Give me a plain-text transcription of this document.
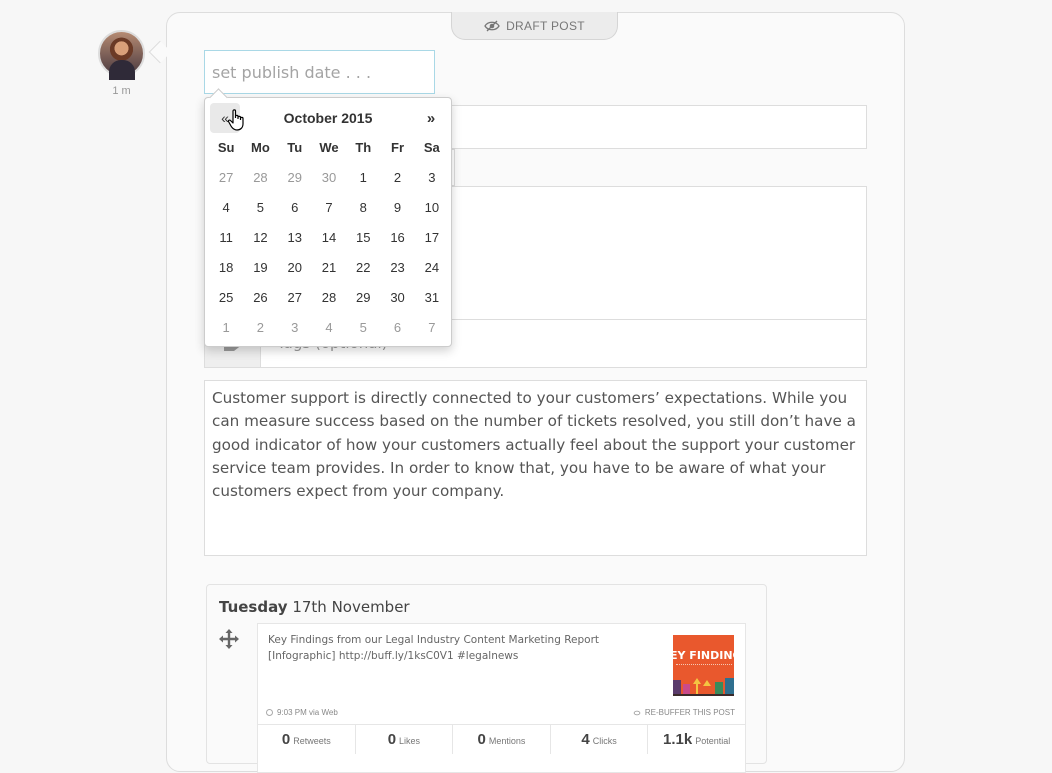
1 m
DRAFT POST
set publish date . . .
«	October 2015	»
Su	Mo	Tu	We	Th	Fr	Sa
27	28	29	30	1	2	3
4	5	6	7	8	9	10
11	12	13	14	15	16	17
18	19	20	21	22	23	24
25	26	27	28	29	30	31
1	2	3	4	5	6	7
Customer support is directly connected to your customers’ expectations. While you can measure success based on the number of tickets resolved, you still don’t have a good indicator of how your customers actually feel about the support your customer service team provides. In order to know that, you have to be aware of what your customers expect from your company.
Tuesday 17th November
Key Findings from our Legal Industry Content Marketing Report [Infographic] http://buff.ly/1ksC0V1 #legalnews	EY FINDING
9:03 PM via Web	RE-BUFFER THIS POST
0 Retweets	0 Likes	0 Mentions	4 Clicks	1.1k Potential
